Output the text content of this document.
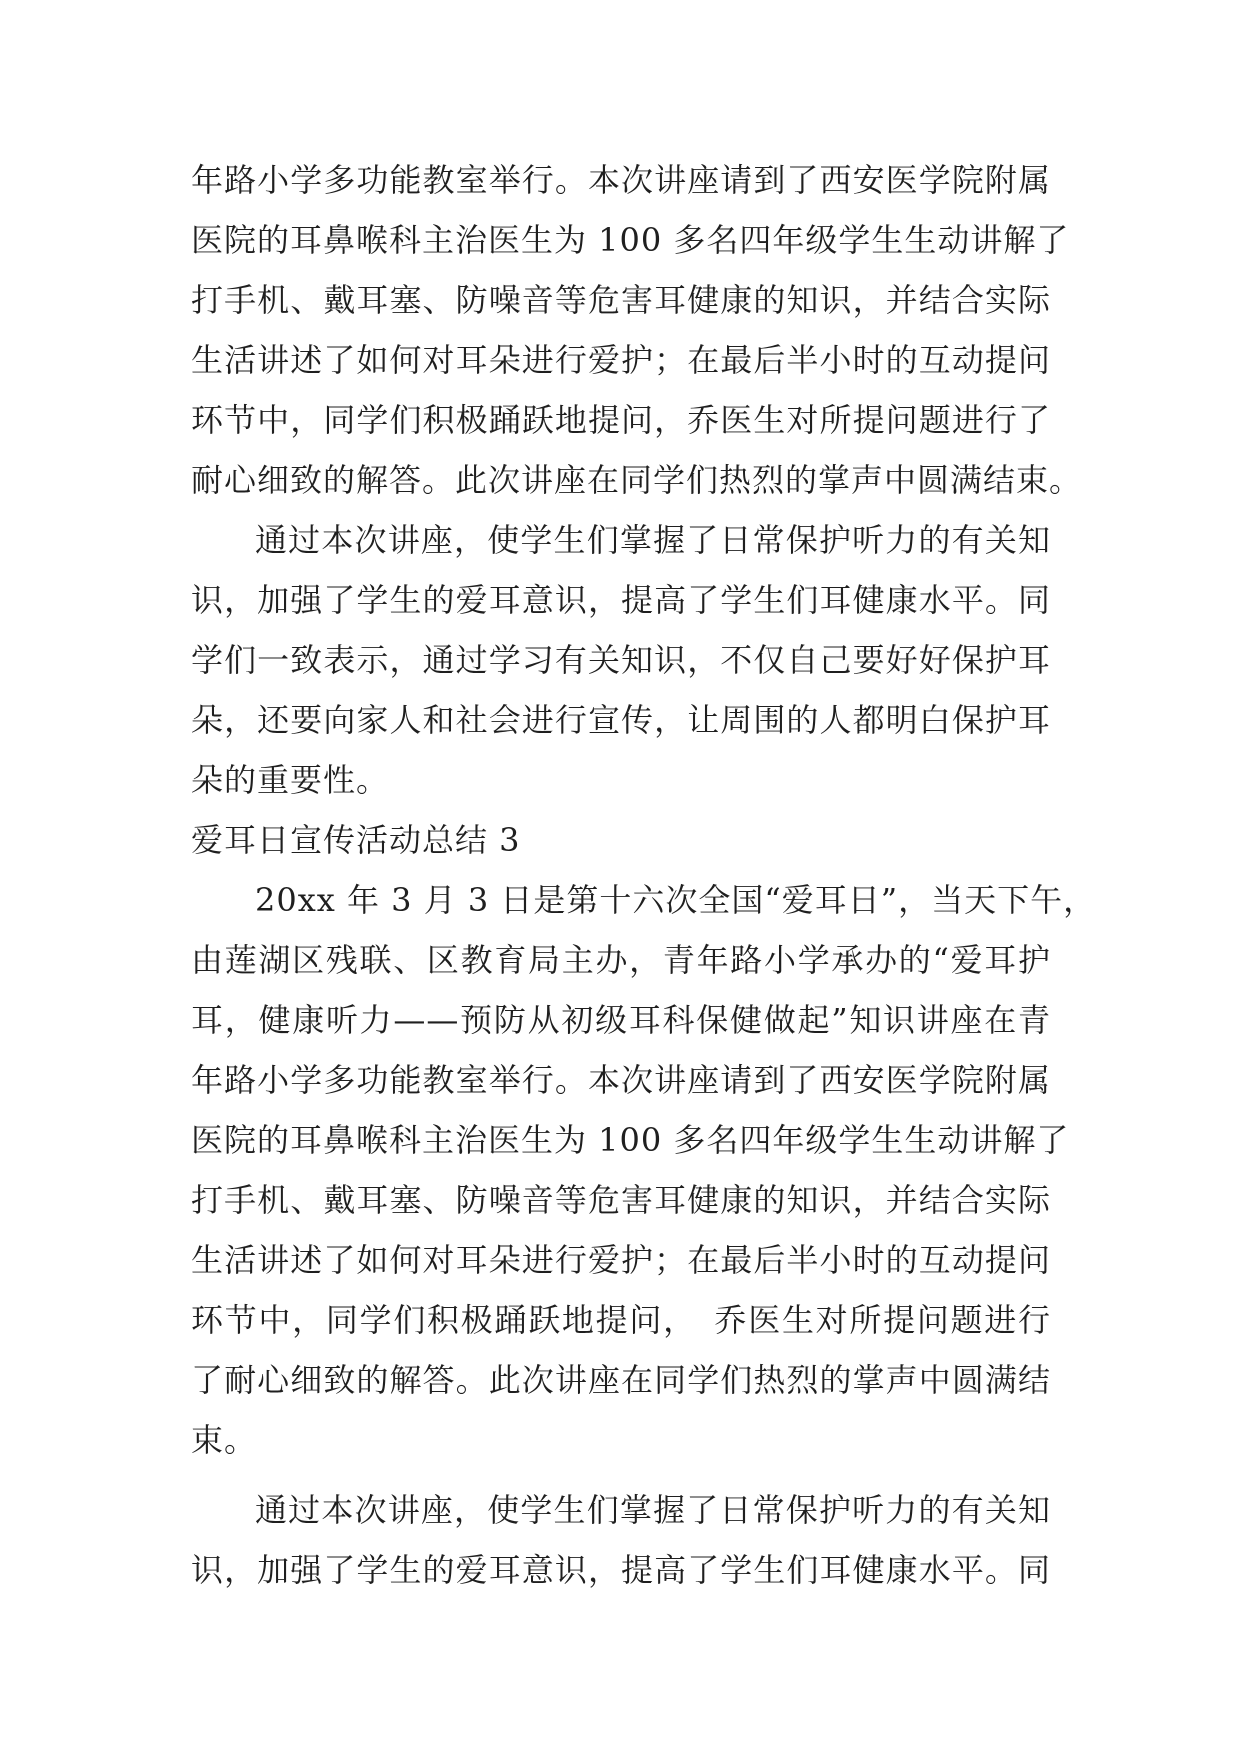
年路小学多功能教室举行。本次讲座请到了西安医学院附属
医院的耳鼻喉科主治医生为 100 多名四年级学生生动讲解了
打手机、戴耳塞、防噪音等危害耳健康的知识，并结合实际
生活讲述了如何对耳朵进行爱护；在最后半小时的互动提问
环节中，同学们积极踊跃地提问，乔医生对所提问题进行了
耐心细致的解答。此次讲座在同学们热烈的掌声中圆满结束。
通过本次讲座，使学生们掌握了日常保护听力的有关知
识，加强了学生的爱耳意识，提高了学生们耳健康水平。同
学们一致表示，通过学习有关知识，不仅自己要好好保护耳
朵，还要向家人和社会进行宣传，让周围的人都明白保护耳
朵的重要性。
爱耳日宣传活动总结 3
20xx 年 3 月 3 日是第十六次全国“爱耳日”，当天下午，
由莲湖区残联、区教育局主办，青年路小学承办的“爱耳护
耳，健康听力——预防从初级耳科保健做起”知识讲座在青
年路小学多功能教室举行。本次讲座请到了西安医学院附属
医院的耳鼻喉科主治医生为 100 多名四年级学生生动讲解了
打手机、戴耳塞、防噪音等危害耳健康的知识，并结合实际
生活讲述了如何对耳朵进行爱护；在最后半小时的互动提问
环节中，同学们积极踊跃地提问，　乔医生对所提问题进行
了耐心细致的解答。此次讲座在同学们热烈的掌声中圆满结
束。
通过本次讲座，使学生们掌握了日常保护听力的有关知
识，加强了学生的爱耳意识，提高了学生们耳健康水平。同
